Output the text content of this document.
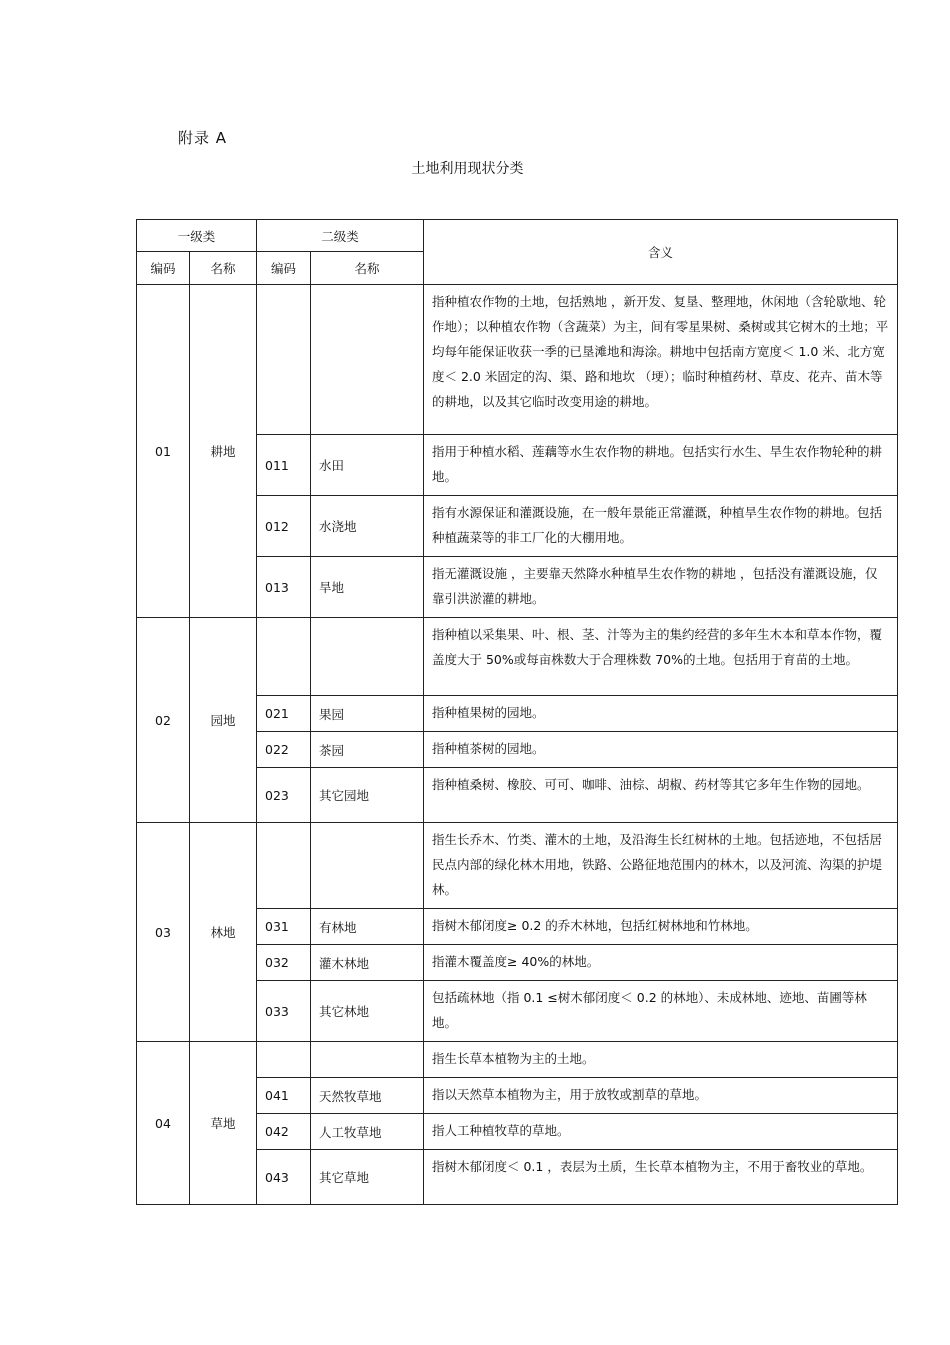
附录 A
土地利用现状分类
一级类		二级类		含义
编码	名称	编码	名称	
01	耕地			指种植农作物的土地，包括熟地 ，新开发、复垦、整理地，休闲地（含轮歇地、轮作地）；以种植农作物（含蔬菜）为主，间有零星果树、桑树或其它树木的土地；平均每年能保证收获一季的已垦滩地和海涂。耕地中包括南方宽度＜ 1.0 米、北方宽度＜ 2.0 米固定的沟、渠、路和地坎 （埂）；临时种植药材、草皮、花卉、苗木等的耕地，以及其它临时改变用途的耕地。
		011	水田	指用于种植水稻、莲藕等水生农作物的耕地。包括实行水生、旱生农作物轮种的耕地。
		012	水浇地	指有水源保证和灌溉设施，在一般年景能正常灌溉，种植旱生农作物的耕地。包括种植蔬菜等的非工厂化的大棚用地。
		013	旱地	指无灌溉设施 ，主要靠天然降水种植旱生农作物的耕地 ，包括没有灌溉设施，仅靠引洪淤灌的耕地。
02	园地			指种植以采集果、叶、根、茎、汁等为主的集约经营的多年生木本和草本作物，覆盖度大于 50%或每亩株数大于合理株数 70%的土地。包括用于育苗的土地。
		021	果园	指种植果树的园地。
		022	茶园	指种植茶树的园地。
		023	其它园地	指种植桑树、橡胶、可可、咖啡、油棕、胡椒、药材等其它多年生作物的园地。
03	林地			指生长乔木、竹类、灌木的土地，及沿海生长红树林的土地。包括迹地，不包括居民点内部的绿化林木用地，铁路、公路征地范围内的林木，以及河流、沟渠的护堤林。
		031	有林地	指树木郁闭度≥ 0.2 的乔木林地，包括红树林地和竹林地。
		032	灌木林地	指灌木覆盖度≥ 40%的林地。
		033	其它林地	包括疏林地（指 0.1 ≤树木郁闭度＜ 0.2 的林地）、未成林地、迹地、苗圃等林地。
04	草地			指生长草本植物为主的土地。
		041	天然牧草地	指以天然草本植物为主，用于放牧或割草的草地。
		042	人工牧草地	指人工种植牧草的草地。
		043	其它草地	指树木郁闭度＜ 0.1 ，表层为土质，生长草本植物为主，不用于畜牧业的草地。
